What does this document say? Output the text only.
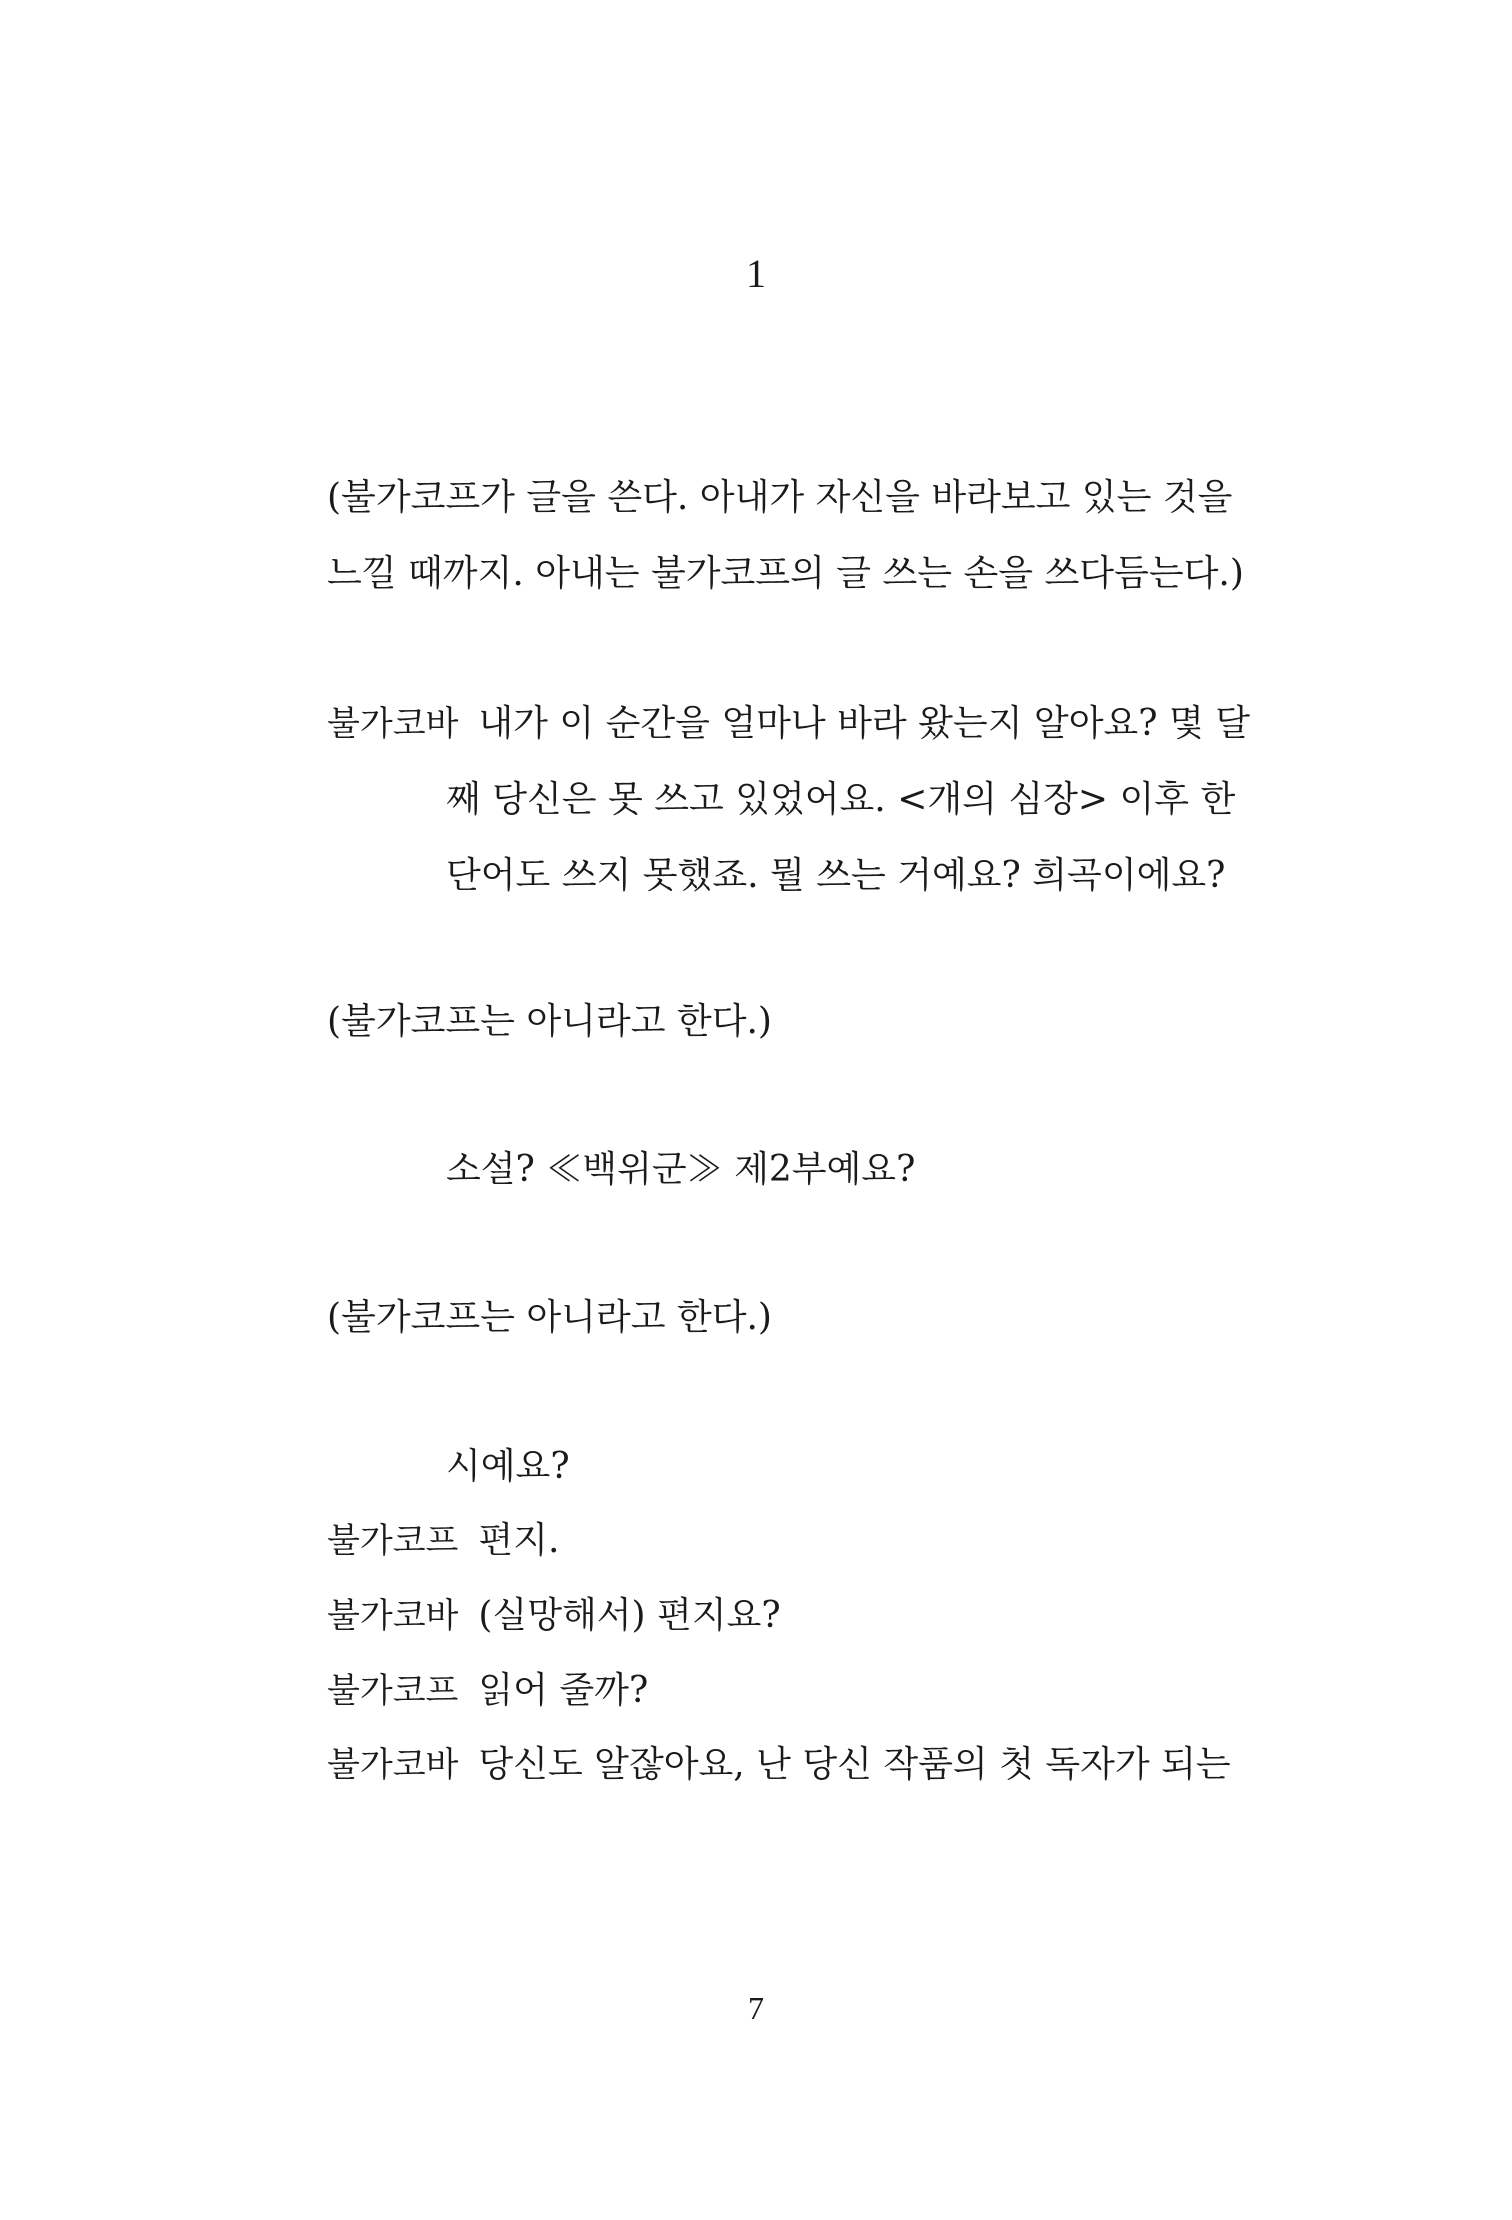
1
(불가코프가 글을 쓴다. 아내가 자신을 바라보고 있는 것을
느낄 때까지. 아내는 불가코프의 글 쓰는 손을 쓰다듬는다.)
불가코바 내가 이 순간을 얼마나 바라 왔는지 알아요? 몇 달
째 당신은 못 쓰고 있었어요. <개의 심장> 이후 한
단어도 쓰지 못했죠. 뭘 쓰는 거예요? 희곡이에요?
(불가코프는 아니라고 한다.)
소설? ≪백위군≫ 제2부예요?
(불가코프는 아니라고 한다.)
시예요?
불가코프 편지.
불가코바 (실망해서) 편지요?
불가코프 읽어 줄까?
불가코바 당신도 알잖아요, 난 당신 작품의 첫 독자가 되는
7
